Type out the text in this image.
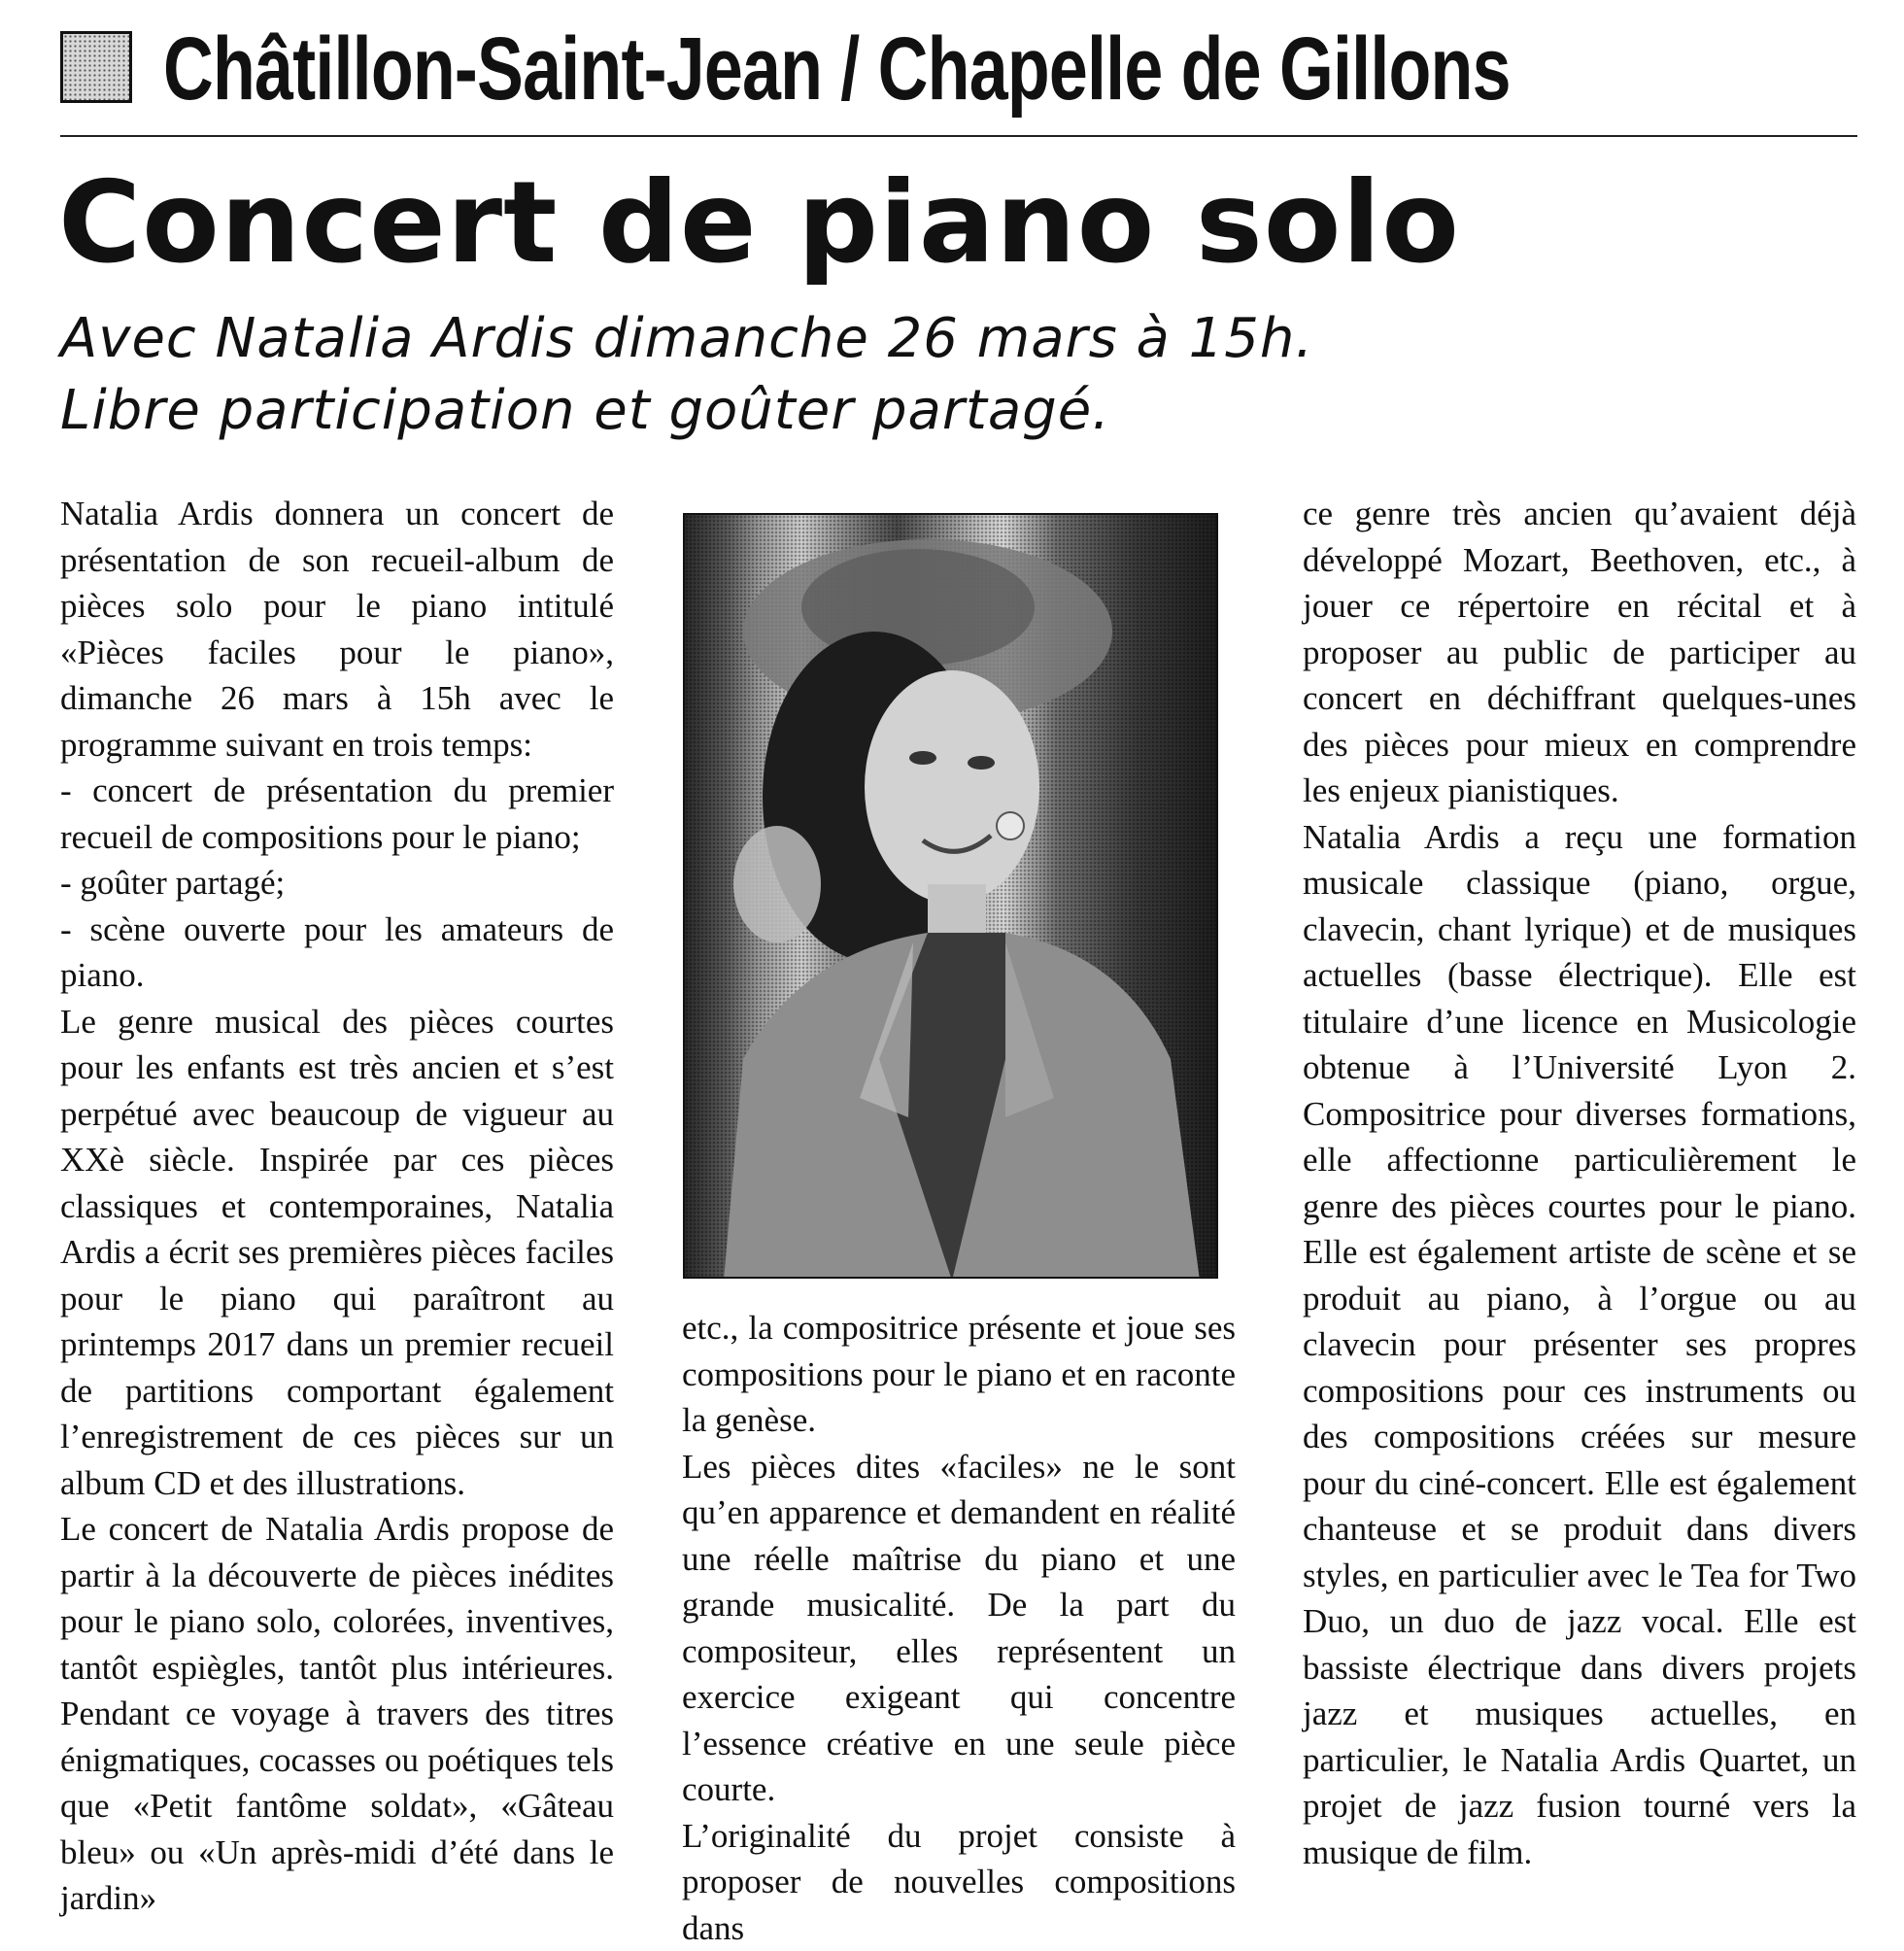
Châtillon-Saint-Jean / Chapelle de Gillons
Concert de piano solo
Avec Natalia Ardis dimanche 26 mars à 15h.
Libre participation et goûter partagé.

Natalia Ardis donnera un concert de présentation de son recueil-album de pièces solo pour le piano intitulé «Pièces faciles pour le piano», dimanche 26 mars à 15h avec le programme suivant en trois temps:

- concert de présentation du premier recueil de compositions pour le piano;

- goûter partagé;

- scène ouverte pour les amateurs de piano.

Le genre musical des pièces courtes pour les enfants est très ancien et s’est perpétué avec beaucoup de vigueur au XXè siècle. Inspirée par ces pièces classiques et contemporaines, Natalia Ardis a écrit ses premières pièces faciles pour le piano qui paraîtront au printemps 2017 dans un premier recueil de partitions comportant également l’enregistrement de ces pièces sur un album CD et des illustrations.

Le concert de Natalia Ardis propose de partir à la découverte de pièces inédites pour le piano solo, colorées, inventives, tantôt espiègles, tantôt plus intérieures. Pendant ce voyage à travers des titres énigmatiques, cocasses ou poétiques tels que «Petit fantôme soldat», «Gâteau bleu» ou «Un après-midi d’été dans le jardin»

etc., la compositrice présente et joue ses compositions pour le piano et en raconte la genèse.

Les pièces dites «faciles» ne le sont qu’en apparence et demandent en réalité une réelle maîtrise du piano et une grande musicalité. De la part du compositeur, elles représentent un exercice exigeant qui concentre l’essence créative en une seule pièce courte.

L’originalité du projet consiste à proposer de nouvelles compositions dans

ce genre très ancien qu’avaient déjà développé Mozart, Beethoven, etc., à jouer ce répertoire en récital et à proposer au public de participer au concert en déchiffrant quelques-unes des pièces pour mieux en comprendre les enjeux pianistiques.

Natalia Ardis a reçu une formation musicale classique (piano, orgue, clavecin, chant lyrique) et de musiques actuelles (basse électrique). Elle est titulaire d’une licence en Musicologie obtenue à l’Université Lyon 2. Compositrice pour diverses formations, elle affectionne particulièrement le genre des pièces courtes pour le piano. Elle est également artiste de scène et se produit au piano, à l’orgue ou au clavecin pour présenter ses propres compositions pour ces instruments ou des compositions créées sur mesure pour du ciné-concert. Elle est également chanteuse et se produit dans divers styles, en particulier avec le Tea for Two Duo, un duo de jazz vocal. Elle est bassiste électrique dans divers projets jazz et musiques actuelles, en particulier, le Natalia Ardis Quartet, un projet de jazz fusion tourné vers la musique de film.
